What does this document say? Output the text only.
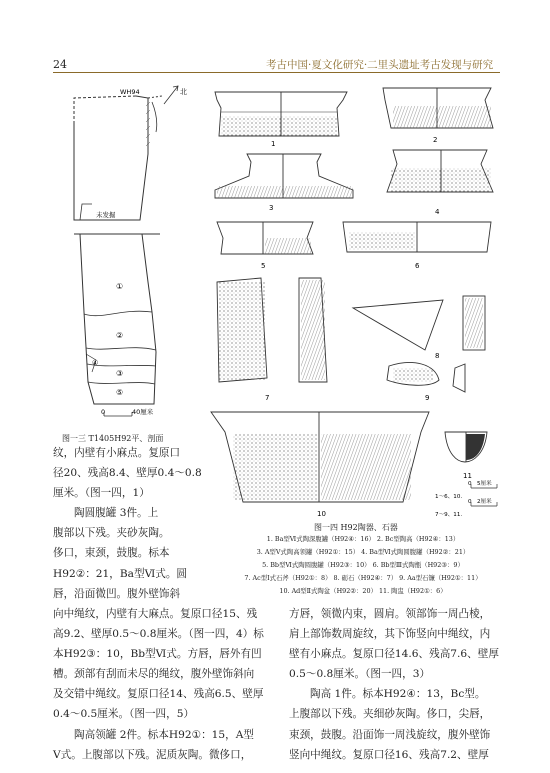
24	考古中国·夏文化研究·二里头遗址考古发现与研究
WH94	北
未发掘
①
②
③
④
⑤
0	40厘米
图一三 T1405H92平、剖面
1	2
3	4
5	6
7
8
9
10
11
1～6、10.
0 5厘米
7～9、11.
0 2厘米
图一四 H92陶器、石器
1. Ba型Ⅵ式陶深腹罐（H92④：16） 2. Bc型陶高（H92④：13）
3. A型Ⅴ式陶高领罐（H92①：15） 4. Ba型Ⅵ式陶圆腹罐（H92②：21）
5. Bb型Ⅵ式陶圆腹罐（H92③：10） 6. Bb型Ⅲ式陶甑（H92③：9）
7. Ac型Ⅰ式石斧（H92①：8） 8. 砺石（H92④：7） 9. Aa型石镰（H92①：11）
10. Ad型Ⅱ式陶盆（H92②：20） 11. 陶盅（H92①：6）
纹，内壁有小麻点。复原口
径20、残高8.4、壁厚0.4～0.8
厘米。（图一四，1）
陶圆腹罐 3件。上
腹部以下残。夹砂灰陶。
侈口，束颈，鼓腹。标本
H92②：21，Ba型Ⅵ式。圆
唇，沿面微凹。腹外壁饰斜
向中绳纹，内壁有大麻点。复原口径15、残
高9.2、壁厚0.5～0.8厘米。（图一四，4）标
本H92③：10，Bb型Ⅵ式。方唇，唇外有凹
槽。颈部有刮而未尽的绳纹，腹外壁饰斜向
及交错中绳纹。复原口径14、残高6.5、壁厚
0.4～0.5厘米。（图一四，5）
陶高领罐 2件。标本H92①：15，A型
Ⅴ式。上腹部以下残。泥质灰陶。微侈口，
方唇，领微内束，圆肩。领部饰一周凸棱，
肩上部饰数周旋纹，其下饰竖向中绳纹，内
壁有小麻点。复原口径14.6、残高7.6、壁厚
0.5～0.8厘米。（图一四，3）
陶高 1件。标本H92④：13，Bc型。
上腹部以下残。夹细砂灰陶。侈口，尖唇，
束颈，鼓腹。沿面饰一周浅旋纹，腹外壁饰
竖向中绳纹。复原口径16、残高7.2、壁厚
